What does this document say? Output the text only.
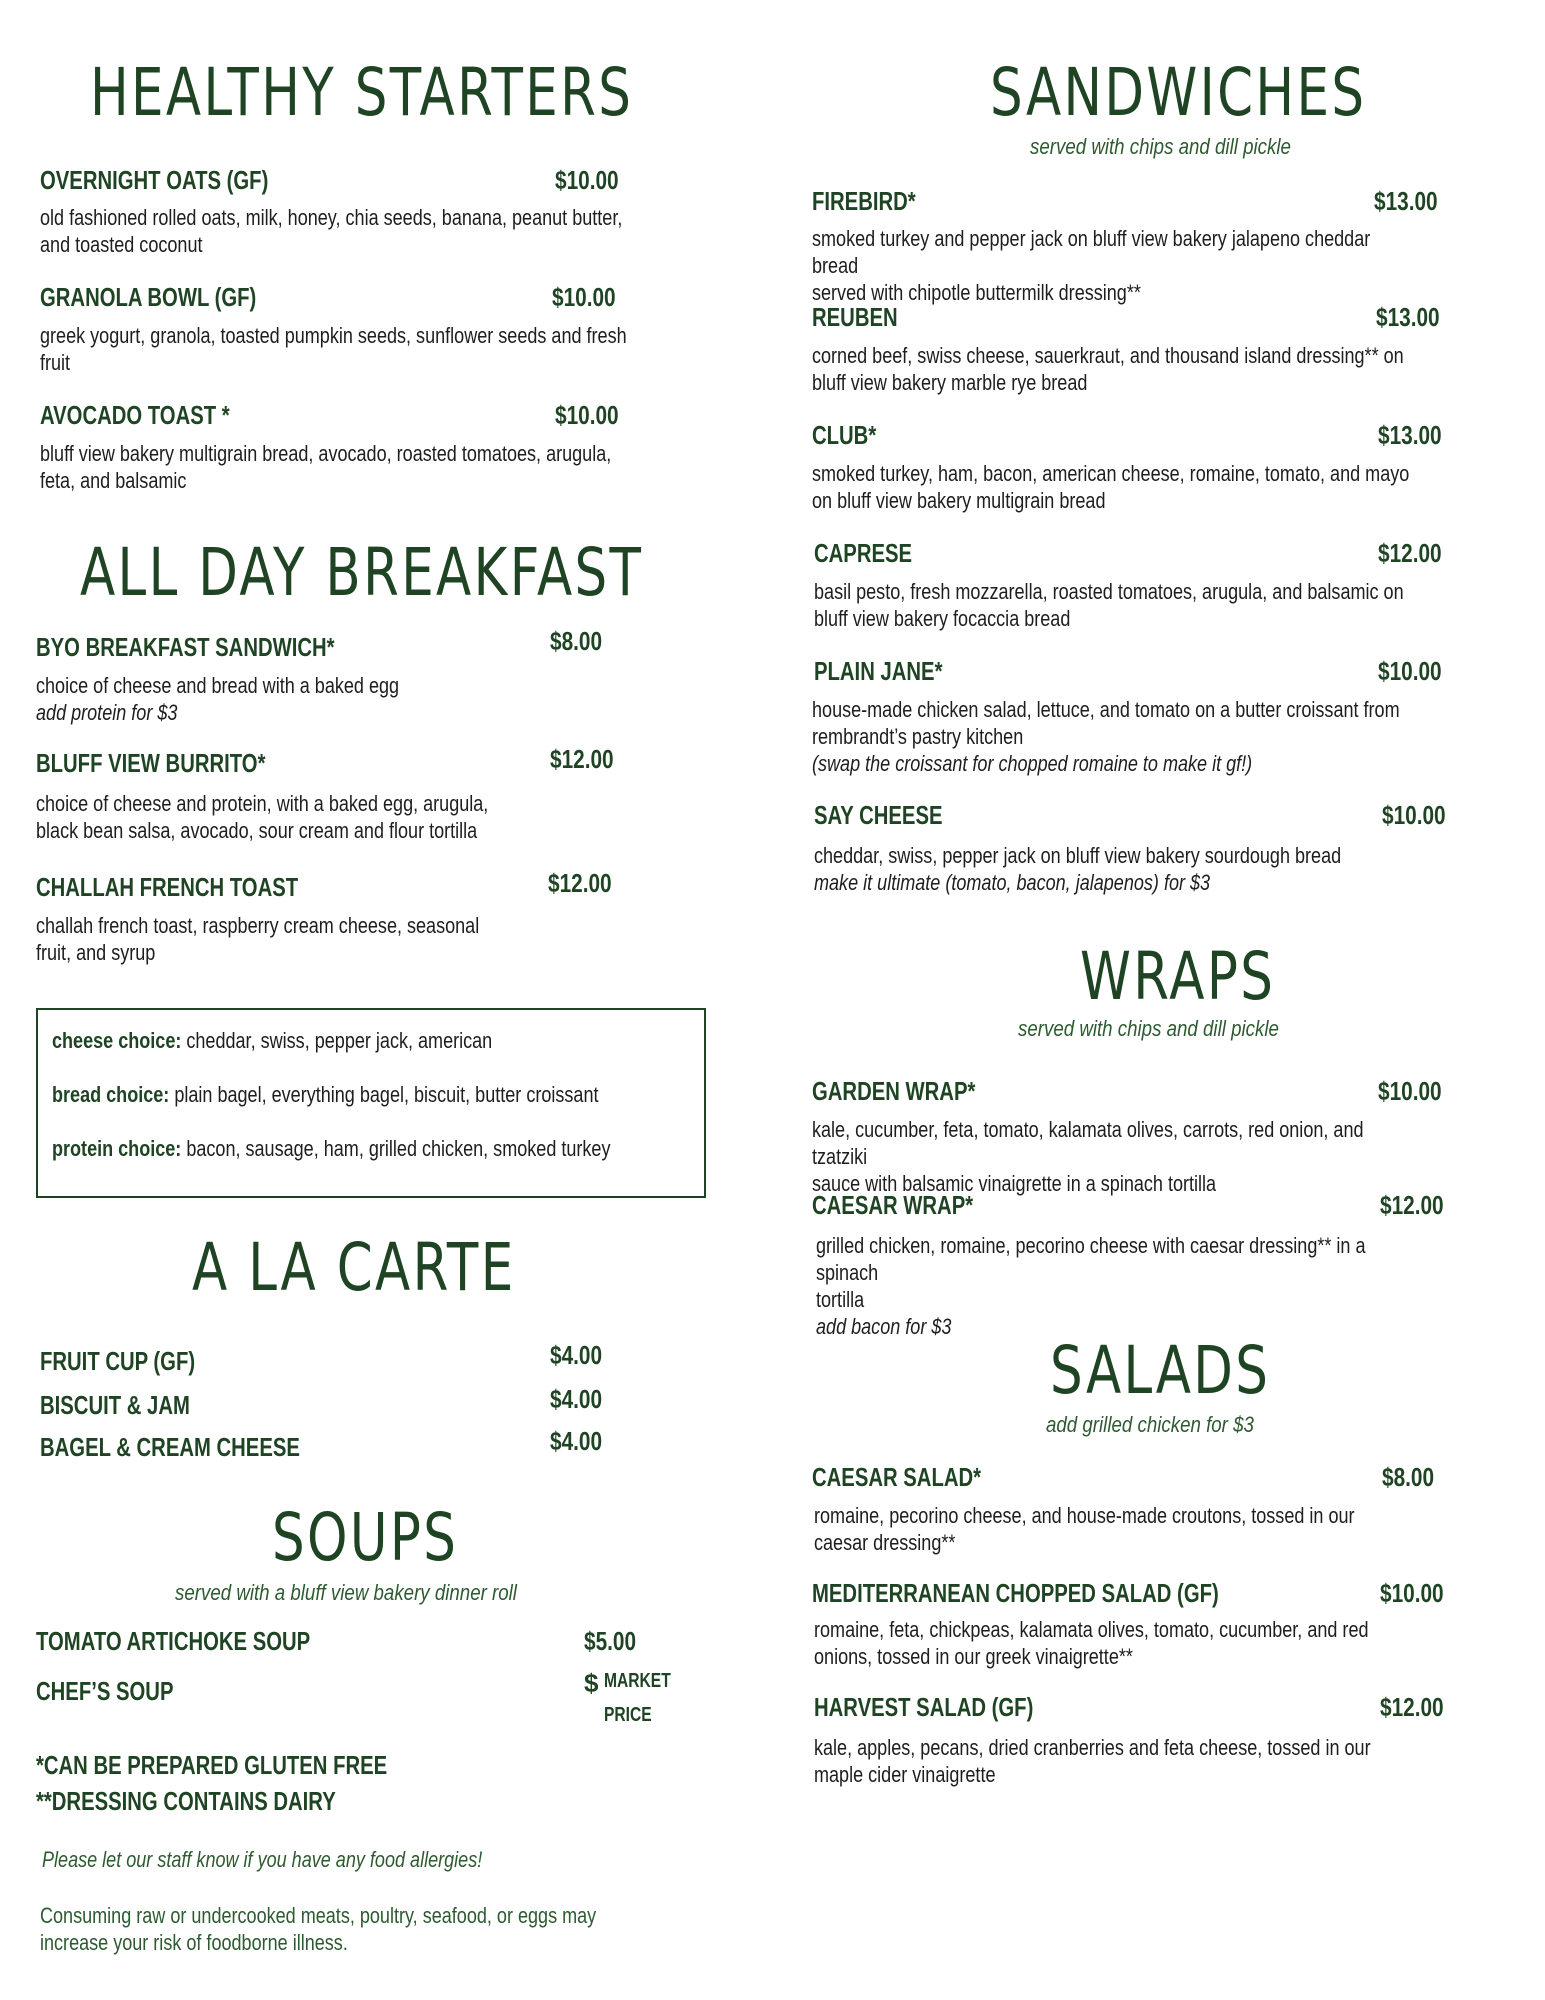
HEALTHY STARTERS
OVERNIGHT OATS (GF)	$10.00
old fashioned rolled oats, milk, honey, chia seeds, banana, peanut butter,
and toasted coconut
GRANOLA BOWL (GF)	$10.00
greek yogurt, granola, toasted pumpkin seeds, sunflower seeds and fresh
fruit
AVOCADO TOAST *	$10.00
bluff view bakery multigrain bread, avocado, roasted tomatoes, arugula,
feta, and balsamic
ALL DAY BREAKFAST
BYO BREAKFAST SANDWICH*	$8.00
choice of cheese and bread with a baked egg
add protein for $3
BLUFF VIEW BURRITO*	$12.00
choice of cheese and protein, with a baked egg, arugula,
black bean salsa, avocado, sour cream and flour tortilla
CHALLAH FRENCH TOAST	$12.00
challah french toast, raspberry cream cheese, seasonal
fruit, and syrup
cheese choice: cheddar, swiss, pepper jack, american
bread choice: plain bagel, everything bagel, biscuit, butter croissant
protein choice: bacon, sausage, ham, grilled chicken, smoked turkey
A LA CARTE
FRUIT CUP (GF)	$4.00
BISCUIT & JAM	$4.00
BAGEL & CREAM CHEESE	$4.00
SOUPS
served with a bluff view bakery dinner roll
TOMATO ARTICHOKE SOUP	$5.00
CHEF’S SOUP	$ MARKET
PRICE
*CAN BE PREPARED GLUTEN FREE
**DRESSING CONTAINS DAIRY
Please let our staff know if you have any food allergies!
Consuming raw or undercooked meats, poultry, seafood, or eggs may
increase your risk of foodborne illness.
SANDWICHES
served with chips and dill pickle
FIREBIRD*	$13.00
smoked turkey and pepper jack on bluff view bakery jalapeno cheddar bread
served with chipotle buttermilk dressing**
REUBEN	$13.00
corned beef, swiss cheese, sauerkraut, and thousand island dressing** on
bluff view bakery marble rye bread
CLUB*	$13.00
smoked turkey, ham, bacon, american cheese, romaine, tomato, and mayo
on bluff view bakery multigrain bread
CAPRESE	$12.00
basil pesto, fresh mozzarella, roasted tomatoes, arugula, and balsamic on
bluff view bakery focaccia bread
PLAIN JANE*	$10.00
house-made chicken salad, lettuce, and tomato on a butter croissant from
rembrandt’s pastry kitchen
(swap the croissant for chopped romaine to make it gf!)
SAY CHEESE	$10.00
cheddar, swiss, pepper jack on bluff view bakery sourdough bread
make it ultimate (tomato, bacon, jalapenos) for $3
WRAPS
served with chips and dill pickle
GARDEN WRAP*	$10.00
kale, cucumber, feta, tomato, kalamata olives, carrots, red onion, and tzatziki
sauce with balsamic vinaigrette in a spinach tortilla
CAESAR WRAP*	$12.00
grilled chicken, romaine, pecorino cheese with caesar dressing** in a spinach
tortilla
add bacon for $3
SALADS
add grilled chicken for $3
CAESAR SALAD*	$8.00
romaine, pecorino cheese, and house-made croutons, tossed in our
caesar dressing**
MEDITERRANEAN CHOPPED SALAD (GF)	$10.00
romaine, feta, chickpeas, kalamata olives, tomato, cucumber, and red
onions, tossed in our greek vinaigrette**
HARVEST SALAD (GF)	$12.00
kale, apples, pecans, dried cranberries and feta cheese, tossed in our
maple cider vinaigrette
